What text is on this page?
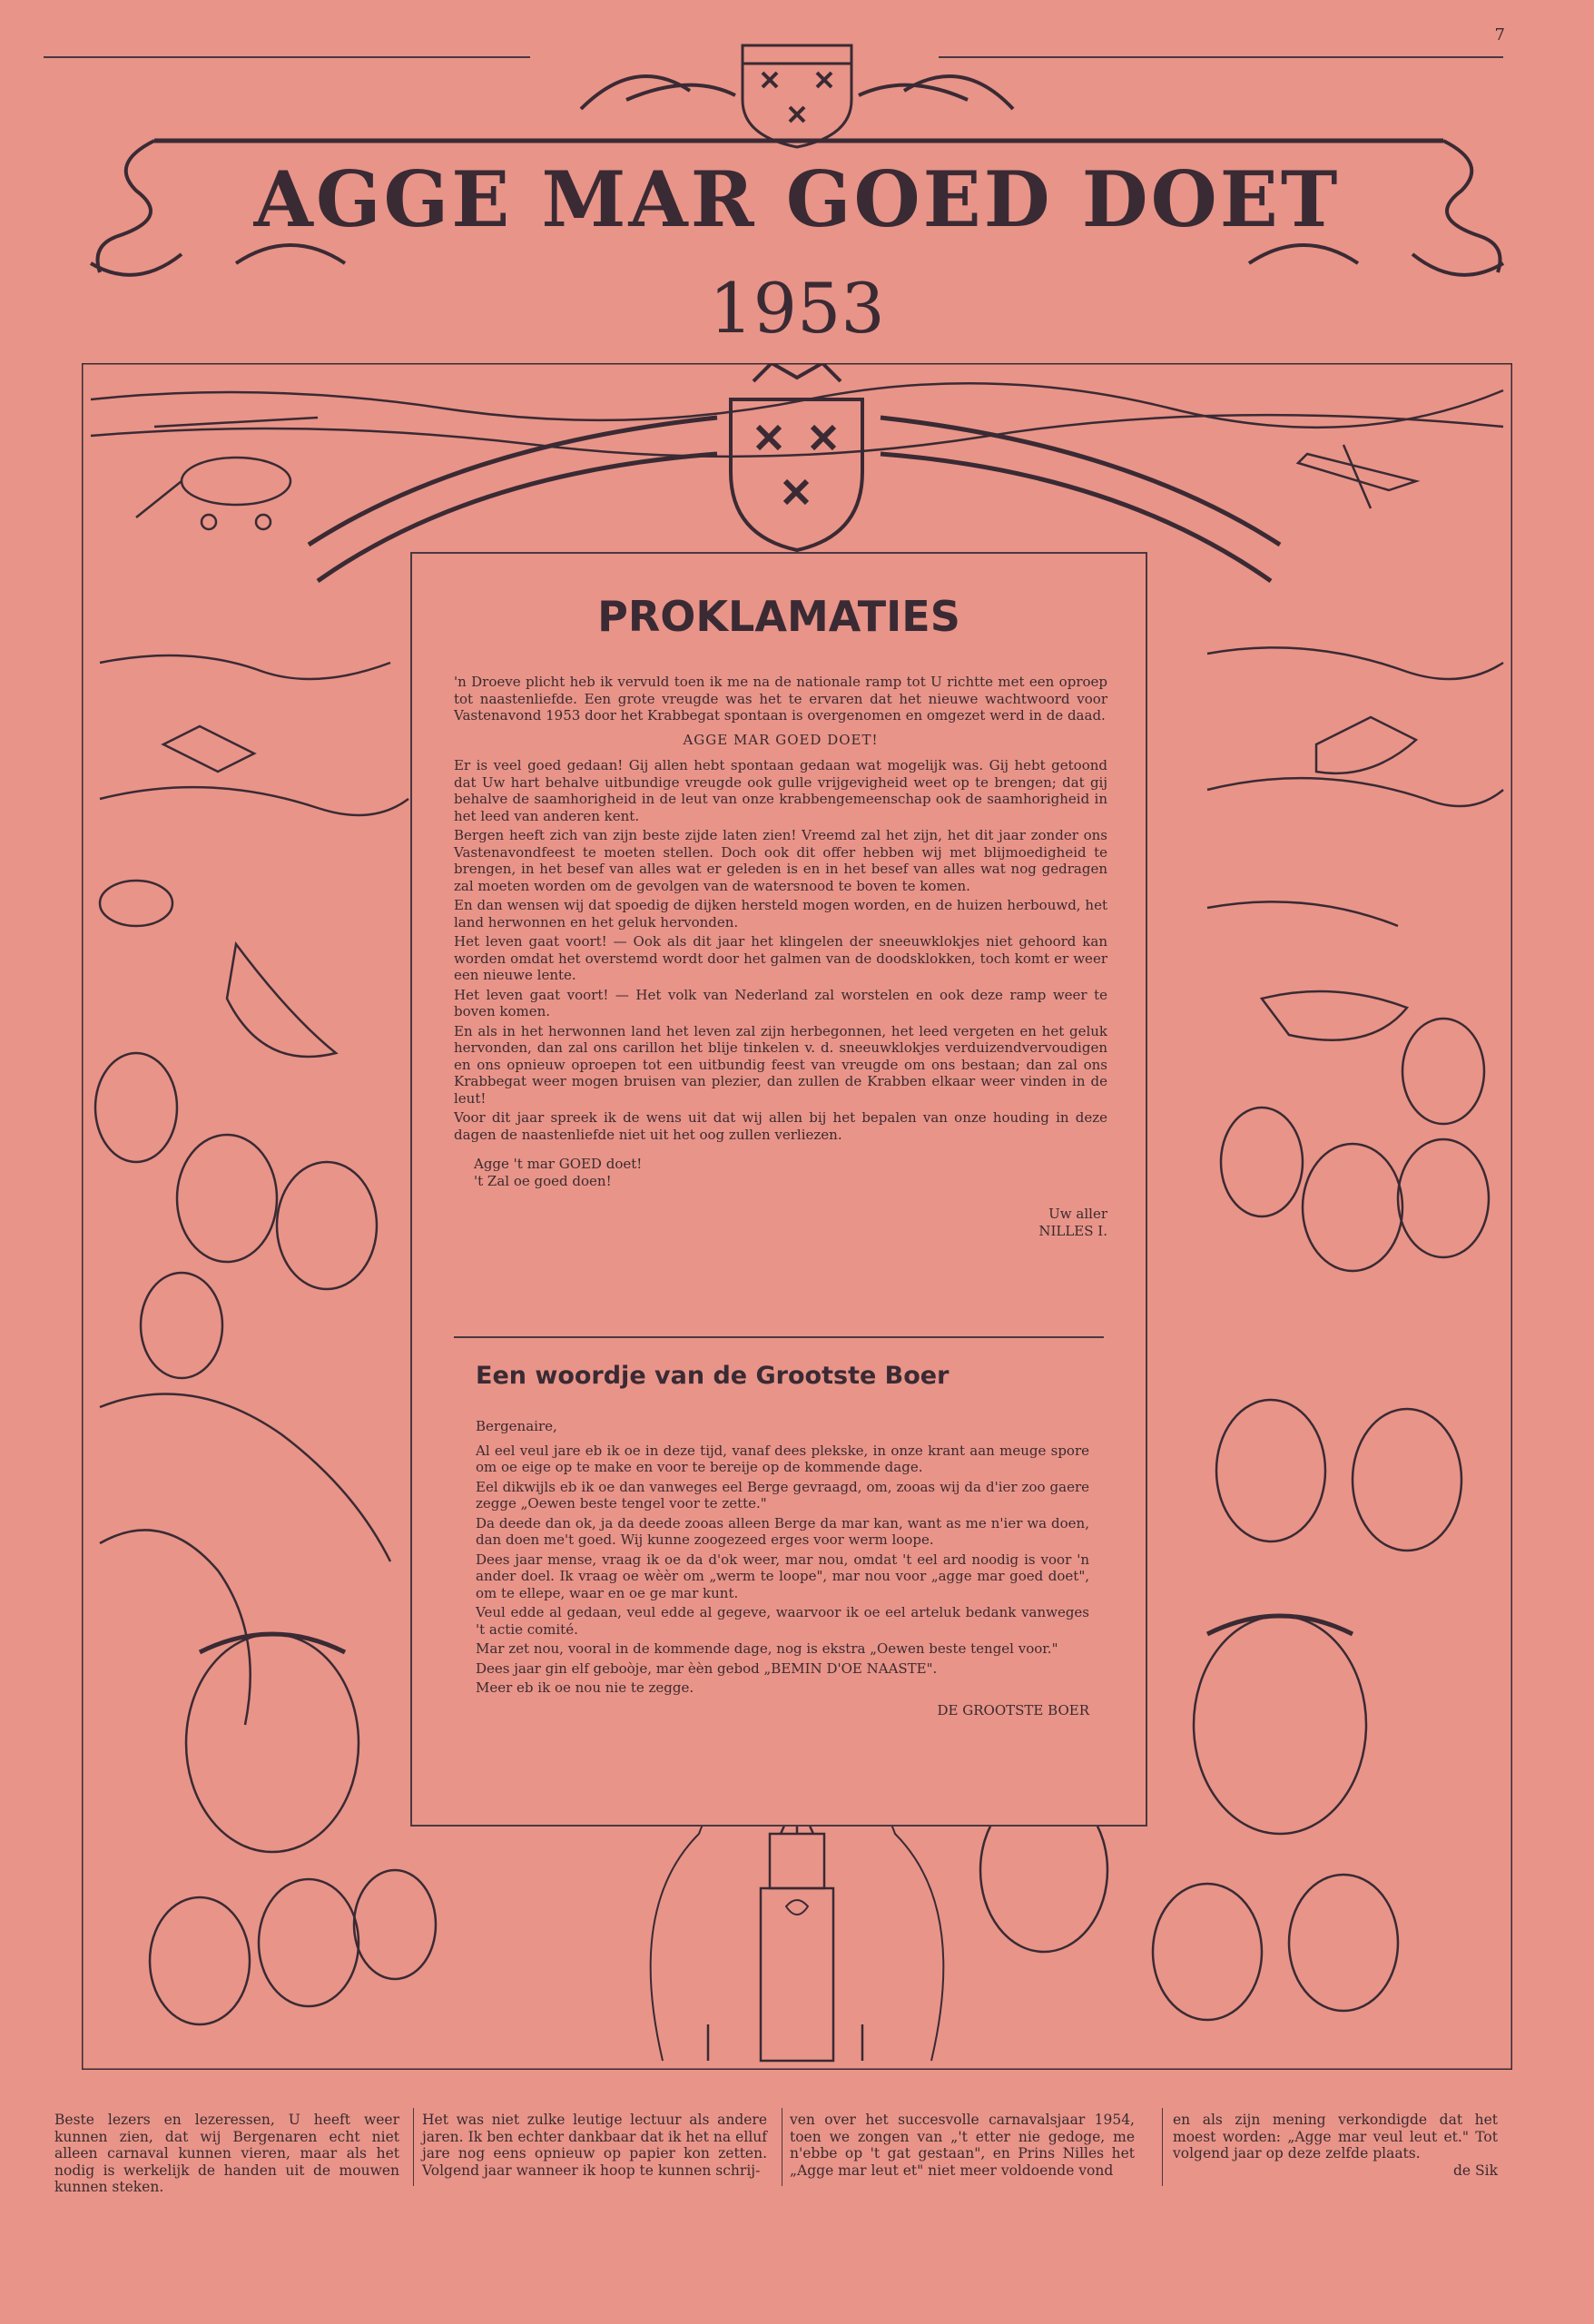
7
AGGE MAR GOED DOET
1953
PROKLAMATIES

'n Droeve plicht heb ik vervuld toen ik me na de nationale ramp tot U richtte met een oproep tot naastenliefde. Een grote vreugde was het te ervaren dat het nieuwe wachtwoord voor Vastenavond 1953 door het Krabbegat spontaan is overgenomen en omgezet werd in de daad.

AGGE MAR GOED DOET!

Er is veel goed gedaan! Gij allen hebt spontaan gedaan wat mogelijk was. Gij hebt getoond dat Uw hart behalve uitbundige vreugde ook gulle vrijgevigheid weet op te brengen; dat gij behalve de saamhorigheid in de leut van onze krabbengemeenschap ook de saamhorigheid in het leed van anderen kent.

Bergen heeft zich van zijn beste zijde laten zien! Vreemd zal het zijn, het dit jaar zonder ons Vastenavondfeest te moeten stellen. Doch ook dit offer hebben wij met blijmoedigheid te brengen, in het besef van alles wat er geleden is en in het besef van alles wat nog gedragen zal moeten worden om de gevolgen van de watersnood te boven te komen.

En dan wensen wij dat spoedig de dijken hersteld mogen worden, en de huizen herbouwd, het land herwonnen en het geluk hervonden.

Het leven gaat voort! — Ook als dit jaar het klingelen der sneeuwklokjes niet gehoord kan worden omdat het overstemd wordt door het galmen van de doodsklokken, toch komt er weer een nieuwe lente.

Het leven gaat voort! — Het volk van Nederland zal worstelen en ook deze ramp weer te boven komen.

En als in het herwonnen land het leven zal zijn herbegonnen, het leed vergeten en het geluk hervonden, dan zal ons carillon het blije tinkelen v. d. sneeuwklokjes verduizendvervoudigen en ons opnieuw oproepen tot een uitbundig feest van vreugde om ons bestaan; dan zal ons Krabbegat weer mogen bruisen van plezier, dan zullen de Krabben elkaar weer vinden in de leut!

Voor dit jaar spreek ik de wens uit dat wij allen bij het bepalen van onze houding in deze dagen de naastenliefde niet uit het oog zullen verliezen.

Agge 't mar GOED doet!

't Zal oe goed doen!

Uw aller

NILLES I.

Een woordje van de Grootste Boer

Bergenaire,

Al eel veul jare eb ik oe in deze tijd, vanaf dees plekske, in onze krant aan meuge spore om oe eige op te make en voor te bereije op de kommende dage.

Eel dikwijls eb ik oe dan vanweges eel Berge gevraagd, om, zooas wij da d'ier zoo gaere zegge „Oewen beste tengel voor te zette."

Da deede dan ok, ja da deede zooas alleen Berge da mar kan, want as me n'ier wa doen, dan doen me't goed. Wij kunne zoogezeed erges voor werm loope.

Dees jaar mense, vraag ik oe da d'ok weer, mar nou, omdat 't eel ard noodig is voor 'n ander doel. Ik vraag oe wèèr om „werm te loope", mar nou voor „agge mar goed doet", om te ellepe, waar en oe ge mar kunt.

Veul edde al gedaan, veul edde al gegeve, waarvoor ik oe eel arteluk bedank vanweges 't actie comité.

Mar zet nou, vooral in de kommende dage, nog is ekstra „Oewen beste tengel voor."

Dees jaar gin elf geboòje, mar èèn gebod „BEMIN D'OE NAASTE".

Meer eb ik oe nou nie te zegge.

DE GROOTSTE BOER

Beste lezers en lezeressen, U heeft weer kunnen zien, dat wij Bergenaren echt niet alleen carnaval kunnen vieren, maar als het nodig is werkelijk de handen uit de mouwen kunnen steken.
Het was niet zulke leutige lectuur als andere jaren. Ik ben echter dankbaar dat ik het na elluf jare nog eens opnieuw op papier kon zetten. Volgend jaar wanneer ik hoop te kunnen schrij-
ven over het succesvolle carnavalsjaar 1954, toen we zongen van „'t etter nie gedoge, me n'ebbe op 't gat gestaan", en Prins Nilles het „Agge mar leut et" niet meer voldoende vond
en als zijn mening verkondigde dat het moest worden: „Agge mar veul leut et." Tot volgend jaar op deze zelfde plaats.
de Sik
